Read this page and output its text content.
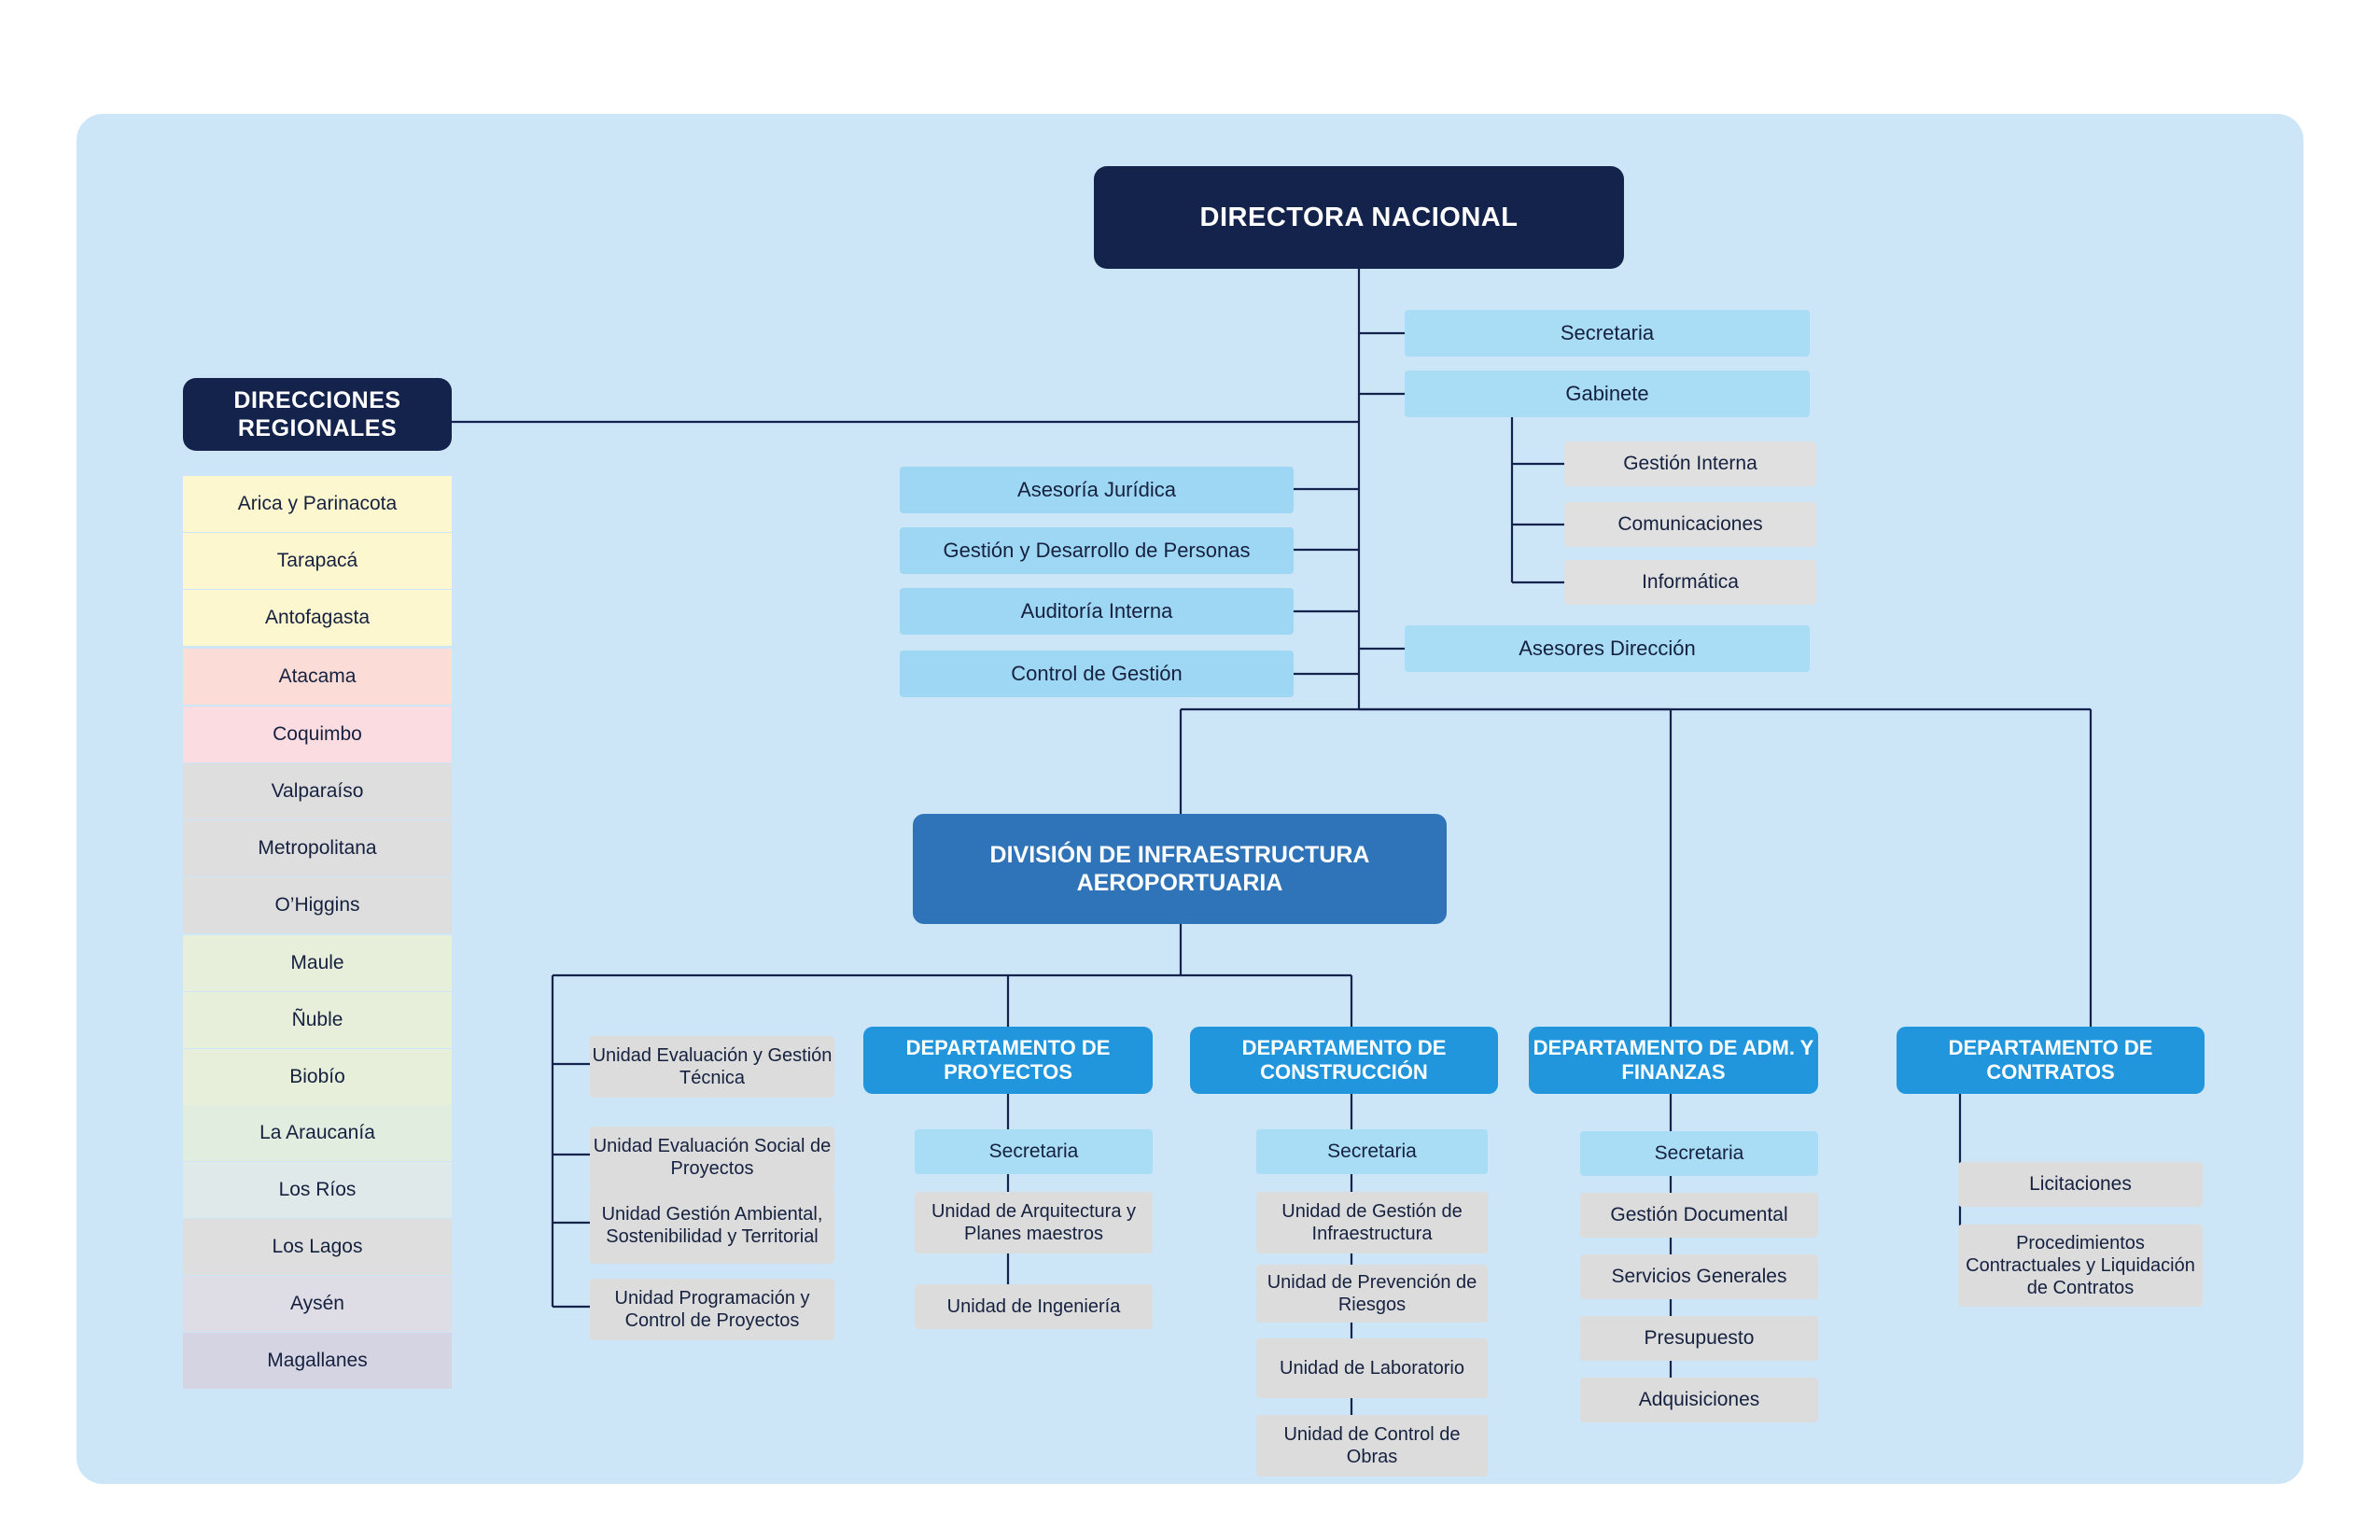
DIRECTORA NACIONAL
Secretaria
Gabinete
Gestión Interna
Comunicaciones
Informática
Asesores Dirección
Asesoría Jurídica
Gestión y Desarrollo de Personas
Auditoría Interna
Control de Gestión
DIRECCIONES REGIONALES
Arica y Parinacota
Tarapacá
Antofagasta
Atacama
Coquimbo
Valparaíso
Metropolitana
O’Higgins
Maule
Ñuble
Biobío
La Araucanía
Los Ríos
Los Lagos
Aysén
Magallanes
DIVISIÓN DE INFRAESTRUCTURA AEROPORTUARIA
Unidad Evaluación y Gestión Técnica
Unidad Evaluación Social de Proyectos
Unidad Gestión Ambiental, Sostenibilidad y Territorial
Unidad Programación y Control de Proyectos
DEPARTAMENTO DE PROYECTOS
Secretaria
Unidad de Arquitectura y Planes maestros
Unidad de Ingeniería
DEPARTAMENTO DE CONSTRUCCIÓN
Secretaria
Unidad de Gestión de Infraestructura
Unidad de Prevención de Riesgos
Unidad de Laboratorio
Unidad de Control de Obras
DEPARTAMENTO DE ADM. Y FINANZAS
Secretaria
Gestión Documental
Servicios Generales
Presupuesto
Adquisiciones
DEPARTAMENTO DE CONTRATOS
Licitaciones
Procedimientos Contractuales y Liquidación de Contratos
